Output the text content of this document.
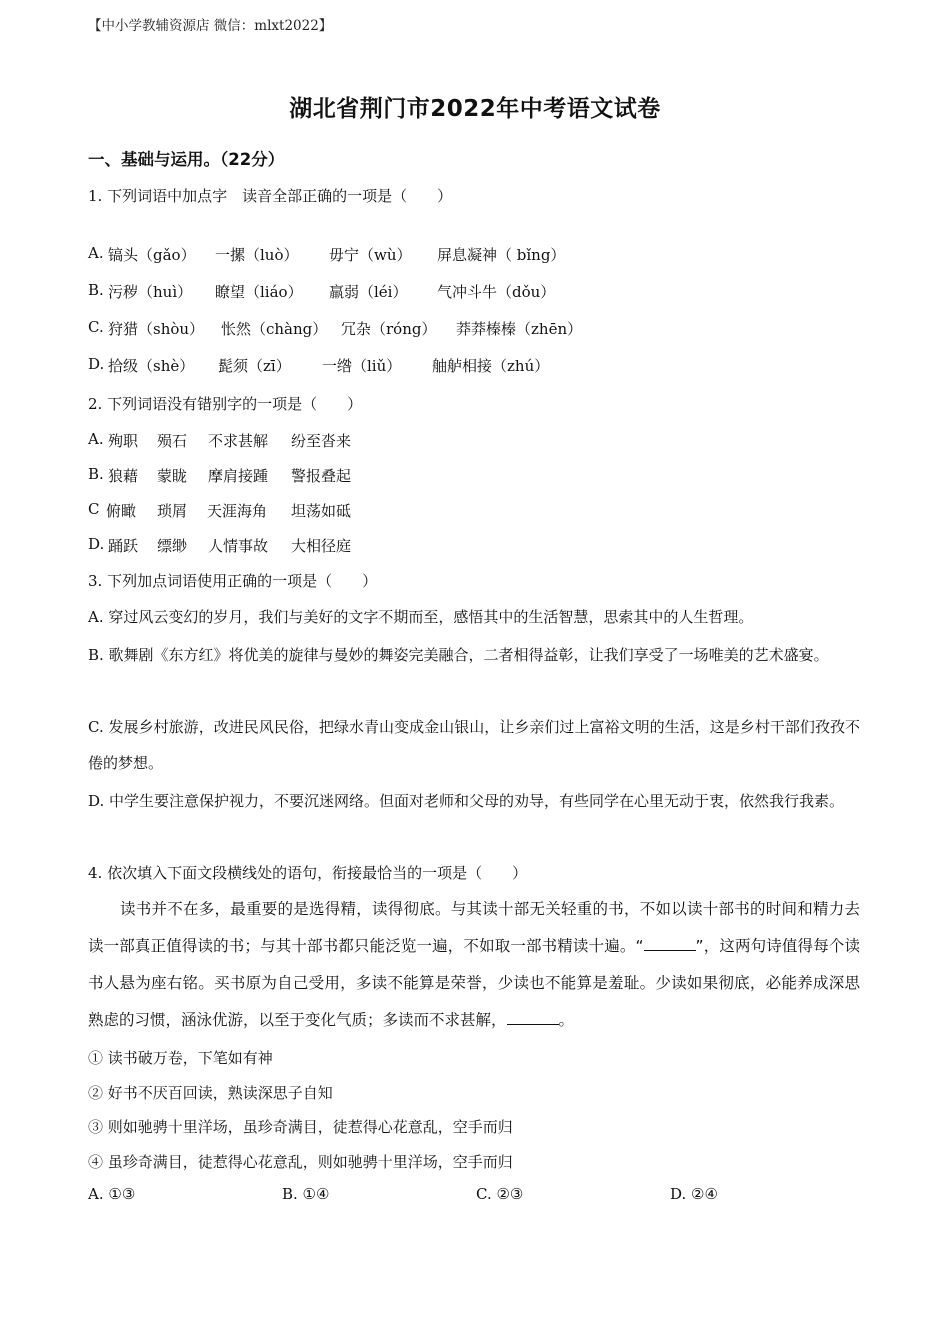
【中小学教辅资源店 微信：mlxt2022】
湖北省荆门市2022年中考语文试卷
一、基础与运用。（22分）
1. 下列词语中加点字　读音全部正确的一项是（　　）
A. 镐头（gǎo） 一摞（luò） 毋宁（wù） 屏息凝神（ bǐng）
B. 污秽（huì） 瞭望（liáo） 羸弱（léi） 气冲斗牛（dǒu）
C. 狩猎（shòu） 怅然（chàng） 冗杂（róng） 莽莽榛榛（zhēn）
D. 拾级（shè） 髭须（zī） 一绺（liǔ） 舳舻相接（zhú）
2. 下列词语没有错别字的一项是（　　）
A. 殉职 殒石 不求甚解 纷至沓来
B. 狼藉 蒙眬 摩肩接踵 警报叠起
C 俯瞰 琐屑 天涯海角 坦荡如砥
D. 踊跃 缥缈 人情事故 大相径庭
3. 下列加点词语使用正确的一项是（　　）
A. 穿过风云变幻的岁月，我们与美好的文字不期而至，感悟其中的生活智慧，思索其中的人生哲理。
B. 歌舞剧《东方红》将优美的旋律与曼妙的舞姿完美融合，二者相得益彰，让我们享受了一场唯美的艺术盛宴。
C. 发展乡村旅游，改进民风民俗，把绿水青山变成金山银山，让乡亲们过上富裕文明的生活，这是乡村干部们孜孜不倦的梦想。
D. 中学生要注意保护视力，不要沉迷网络。但面对老师和父母的劝导，有些同学在心里无动于衷，依然我行我素。
4. 依次填入下面文段横线处的语句，衔接最恰当的一项是（　　）
读书并不在多，最重要的是选得精，读得彻底。与其读十部无关轻重的书，不如以读十部书的时间和精力去读一部真正值得读的书；与其十部书都只能泛览一遍，不如取一部书精读十遍。“	”，这两句诗值得每个读书人悬为座右铭。买书原为自己受用，多读不能算是荣誉，少读也不能算是羞耻。少读如果彻底，必能养成深思熟虑的习惯，涵泳优游，以至于变化气质；多读而不求甚解，	。
① 读书破万卷，下笔如有神
② 好书不厌百回读，熟读深思子自知
③ 则如驰骋十里洋场，虽珍奇满目，徒惹得心花意乱，空手而归
④ 虽珍奇满目，徒惹得心花意乱，则如驰骋十里洋场，空手而归
A. ①③	B. ①④	C. ②③	D. ②④
